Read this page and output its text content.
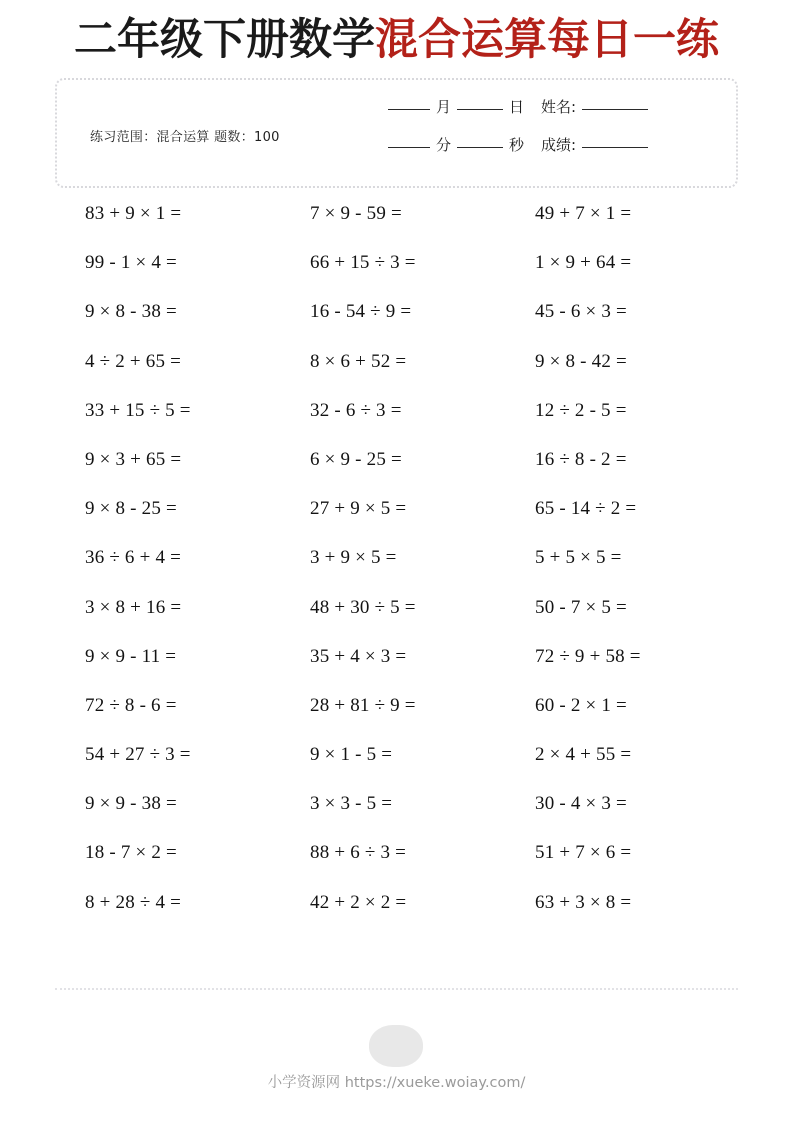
二年级下册数学混合运算每日一练
练习范围：混合运算 题数：100
月	日 姓名:
分	秒 成绩:
83 + 9 × 1 =	7 × 9 - 59 =	49 + 7 × 1 =
99 - 1 × 4 =	66 + 15 ÷ 3 =	1 × 9 + 64 =
9 × 8 - 38 =	16 - 54 ÷ 9 =	45 - 6 × 3 =
4 ÷ 2 + 65 =	8 × 6 + 52 =	9 × 8 - 42 =
33 + 15 ÷ 5 =	32 - 6 ÷ 3 =	12 ÷ 2 - 5 =
9 × 3 + 65 =	6 × 9 - 25 =	16 ÷ 8 - 2 =
9 × 8 - 25 =	27 + 9 × 5 =	65 - 14 ÷ 2 =
36 ÷ 6 + 4 =	3 + 9 × 5 =	5 + 5 × 5 =
3 × 8 + 16 =	48 + 30 ÷ 5 =	50 - 7 × 5 =
9 × 9 - 11 =	35 + 4 × 3 =	72 ÷ 9 + 58 =
72 ÷ 8 - 6 =	28 + 81 ÷ 9 =	60 - 2 × 1 =
54 + 27 ÷ 3 =	9 × 1 - 5 =	2 × 4 + 55 =
9 × 9 - 38 =	3 × 3 - 5 =	30 - 4 × 3 =
18 - 7 × 2 =	88 + 6 ÷ 3 =	51 + 7 × 6 =
8 + 28 ÷ 4 =	42 + 2 × 2 =	63 + 3 × 8 =
小学资源网 https://xueke.woiay.com/
